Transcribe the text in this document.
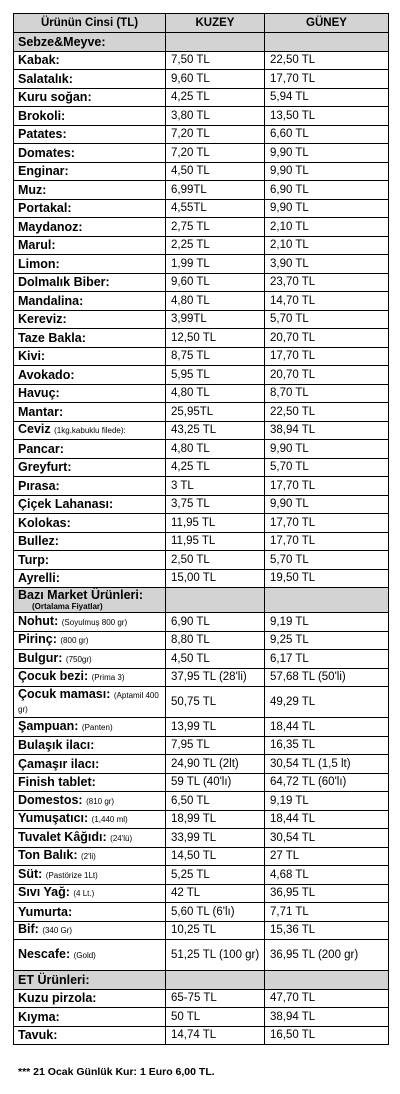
Ürünün Cinsi (TL)	KUZEY	GÜNEY
Sebze&Meyve:		
Kabak:	7,50 TL	22,50 TL
Salatalık:	9,60 TL	17,70 TL
Kuru soğan:	4,25 TL	5,94 TL
Brokoli:	3,80 TL	13,50 TL
Patates:	7,20 TL	6,60 TL
Domates:	7,20 TL	9,90 TL
Enginar:	4,50 TL	9,90 TL
Muz:	6,99TL	6,90 TL
Portakal:	4,55TL	9,90 TL
Maydanoz:	2,75 TL	2,10 TL
Marul:	2,25 TL	2,10 TL
Limon:	1,99 TL	3,90 TL
Dolmalık Biber:	9,60 TL	23,70 TL
Mandalina:	4,80 TL	14,70 TL
Kereviz:	3,99TL	5,70 TL
Taze Bakla:	12,50 TL	20,70 TL
Kivi:	8,75 TL	17,70 TL
Avokado:	5,95 TL	20,70 TL
Havuç:	4,80 TL	8,70 TL
Mantar:	25,95TL	22,50 TL
Ceviz (1kg.kabuklu filede):	43,25 TL	38,94 TL
Pancar:	4,80 TL	9,90 TL
Greyfurt:	4,25 TL	5,70 TL
Pırasa:	3 TL	17,70 TL
Çiçek Lahanası:	3,75 TL	9,90 TL
Kolokas:	11,95 TL	17,70 TL
Bullez:	11,95 TL	17,70 TL
Turp:	2,50 TL	5,70 TL
Ayrelli:	15,00 TL	19,50 TL
Bazı Market Ürünleri:
(Ortalama Fiyatlar)		

Nohut: (Soyulmuş 800 gr)	6,90 TL	9,19 TL
Pirinç: (800 gr)	8,80 TL	9,25 TL
Bulgur: (750gr)	4,50 TL	6,17 TL
Çocuk bezi: (Prima 3)	37,95 TL (28'li)	57,68 TL (50'li)
Çocuk maması: (Aptamil 400 gr)	50,75 TL	49,29 TL
Şampuan: (Panten)	13,99 TL	18,44 TL
Bulaşık ilacı:	7,95 TL	16,35 TL
Çamaşır ilacı:	24,90 TL (2lt)	30,54 TL (1,5 lt)
Finish tablet:	59 TL (40'lı)	64,72 TL (60'lı)
Domestos: (810 gr)	6,50 TL	9,19 TL
Yumuşatıcı: (1,440 ml)	18,99 TL	18,44 TL
Tuvalet Kâğıdı: (24'lü)	33,99 TL	30,54 TL
Ton Balık: (2'li)	14,50 TL	27 TL
Süt: (Pastörize 1Lt)	5,25 TL	4,68 TL
Sıvı Yağ: (4 Lt.)	42 TL	36,95 TL
Yumurta:	5,60 TL (6'lı)	7,71 TL
Bif: (340 Gr)	10,25 TL	15,36 TL
Nescafe: (Gold)	51,25 TL (100 gr)	36,95 TL (200 gr)
ET Ürünleri:		
Kuzu pirzola:	65-75 TL	47,70 TL
Kıyma:	50 TL	38,94 TL
Tavuk:	14,74 TL	16,50 TL
*** 21 Ocak Günlük Kur: 1 Euro 6,00 TL.
